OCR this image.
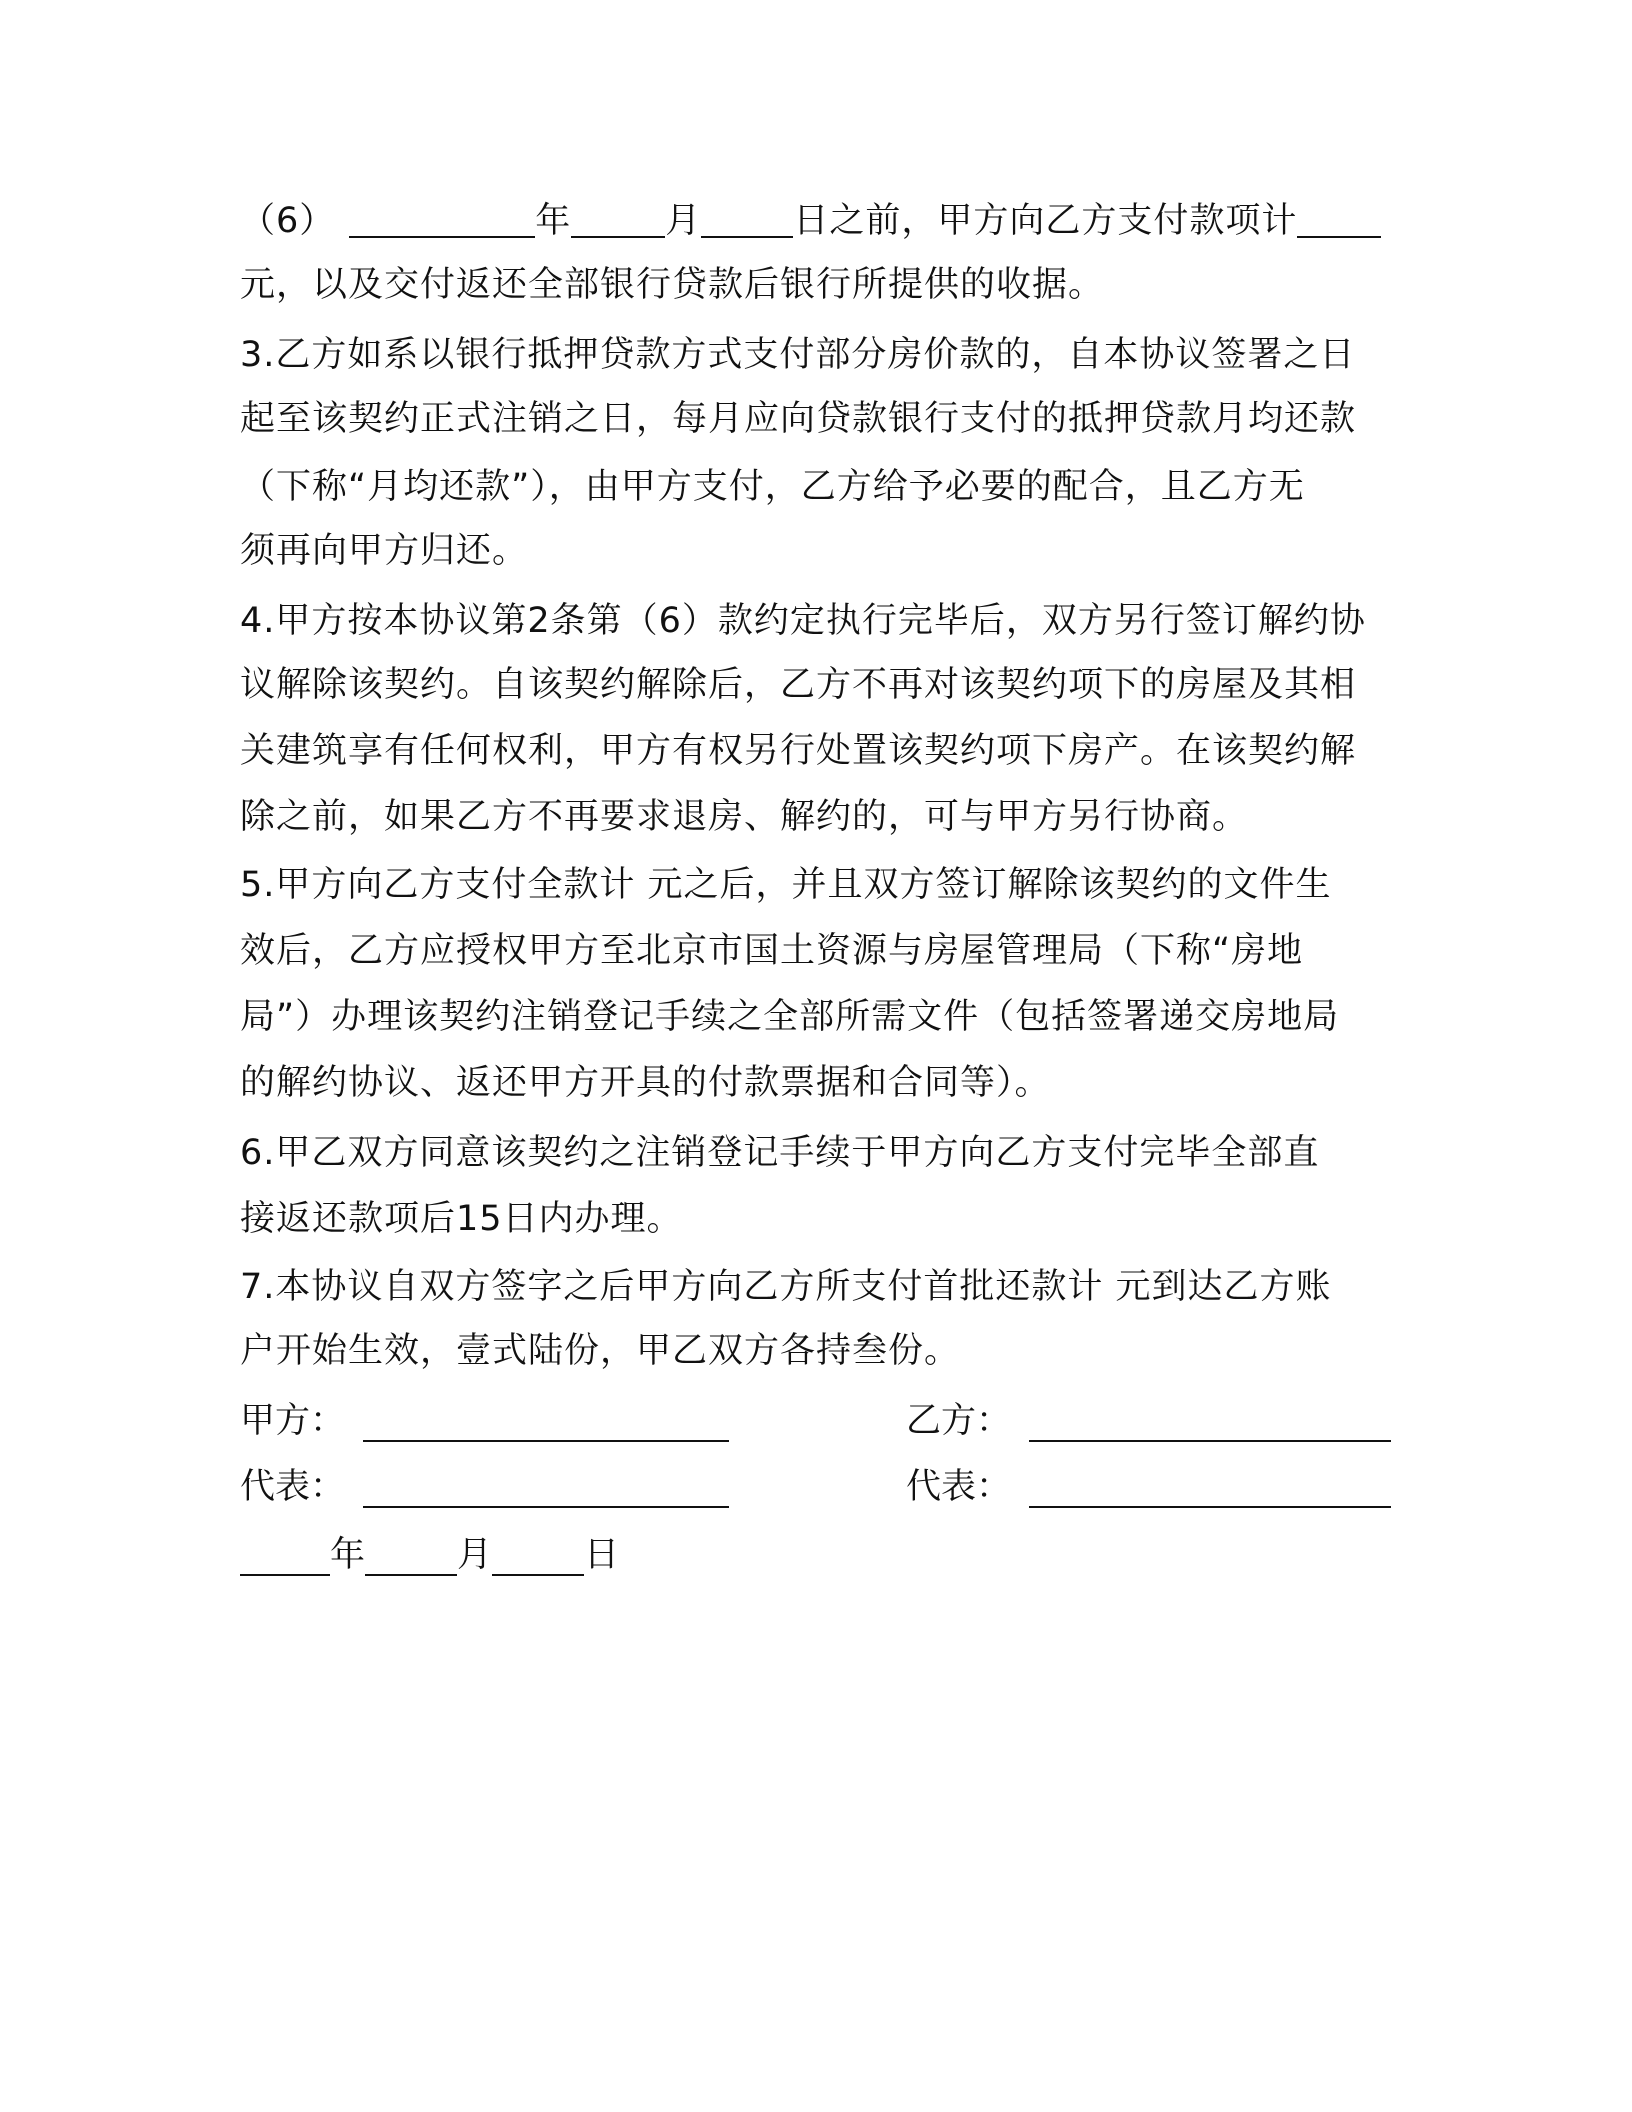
（6）	年	月	日之前，甲方向乙方支付款项计
元，以及交付返还全部银行贷款后银行所提供的收据。
3.乙方如系以银行抵押贷款方式支付部分房价款的，自本协议签署之日
起至该契约正式注销之日，每月应向贷款银行支付的抵押贷款月均还款
（下称“月均还款”），由甲方支付，乙方给予必要的配合，且乙方无
须再向甲方归还。
4.甲方按本协议第2条第（6）款约定执行完毕后，双方另行签订解约协
议解除该契约。自该契约解除后，乙方不再对该契约项下的房屋及其相
关建筑享有任何权利，甲方有权另行处置该契约项下房产。在该契约解
除之前，如果乙方不再要求退房、解约的，可与甲方另行协商。
5.甲方向乙方支付全款计 元之后，并且双方签订解除该契约的文件生
效后，乙方应授权甲方至北京市国土资源与房屋管理局（下称“房地
局”）办理该契约注销登记手续之全部所需文件（包括签署递交房地局
的解约协议、返还甲方开具的付款票据和合同等）。
6.甲乙双方同意该契约之注销登记手续于甲方向乙方支付完毕全部直
接返还款项后15日内办理。
7.本协议自双方签字之后甲方向乙方所支付首批还款计 元到达乙方账
户开始生效，壹式陆份，甲乙双方各持叁份。
甲方：	乙方：
代表：	代表：
年	月	日
